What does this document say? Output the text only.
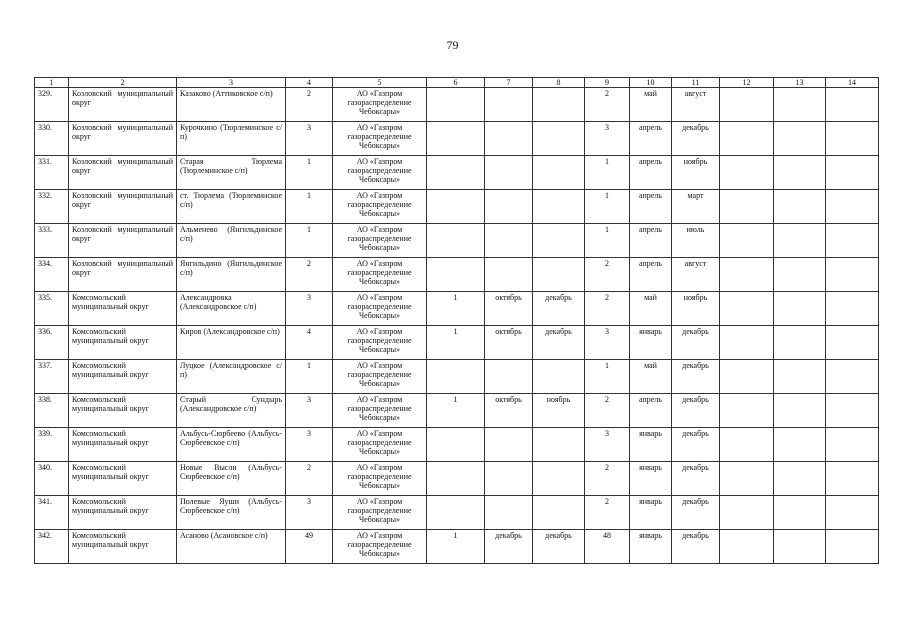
79
1	2	3	4	5	6	7	8	9	10	11	12	13	14
329.	Козловский муниципальный округ	Казаково (Аттиковское с/п)	2	АО «Газпром газораспределение Чебоксары»				2	май	август			
330.	Козловский муниципальный округ	Курочкино (Тюрлеминское с/п)	3	АО «Газпром газораспределение Чебоксары»				3	апрель	декабрь			
331.	Козловский муниципальный округ	Старая Тюрлема (Тюрлеминское с/п)	1	АО «Газпром газораспределение Чебоксары»				1	апрель	ноябрь			
332.	Козловский муниципальный округ	ст. Тюрлема (Тюрлеминское с/п)	1	АО «Газпром газораспределение Чебоксары»				1	апрель	март			
333.	Козловский муниципальный округ	Альменево (Янгильдинское с/п)	1	АО «Газпром газораспределение Чебоксары»				1	апрель	июль			
334.	Козловский муниципальный округ	Янгильдино (Янгильдинское с/п)	2	АО «Газпром газораспределение Чебоксары»				2	апрель	август			
335.	Комсомольский муниципальный округ	Александровка (Александровское с/п)	3	АО «Газпром газораспределение Чебоксары»	1	октябрь	декабрь	2	май	ноябрь			
336.	Комсомольский муниципальный округ	Киров (Александровское с/п)	4	АО «Газпром газораспределение Чебоксары»	1	октябрь	декабрь	3	январь	декабрь			
337.	Комсомольский муниципальный округ	Луцкое (Александровское с/п)	1	АО «Газпром газораспределение Чебоксары»				1	май	декабрь			
338.	Комсомольский муниципальный округ	Старый Сундырь (Александровское с/п)	3	АО «Газпром газораспределение Чебоксары»	1	октябрь	ноябрь	2	апрель	декабрь			
339.	Комсомольский муниципальный округ	Альбусь-Сюрбеево (Альбусь-Сюрбеевское с/п)	3	АО «Газпром газораспределение Чебоксары»				3	январь	декабрь			
340.	Комсомольский муниципальный округ	Новые Высли (Альбусь-Сюрбеевское с/п)	2	АО «Газпром газораспределение Чебоксары»				2	январь	декабрь			
341.	Комсомольский муниципальный округ	Полевые Яуши (Альбусь-Сюрбеевское с/п)	3	АО «Газпром газораспределение Чебоксары»				2	январь	декабрь			
342.	Комсомольский муниципальный округ	Асаново (Асановское с/п)	49	АО «Газпром газораспределение Чебоксары»	1	декабрь	декабрь	48	январь	декабрь			
